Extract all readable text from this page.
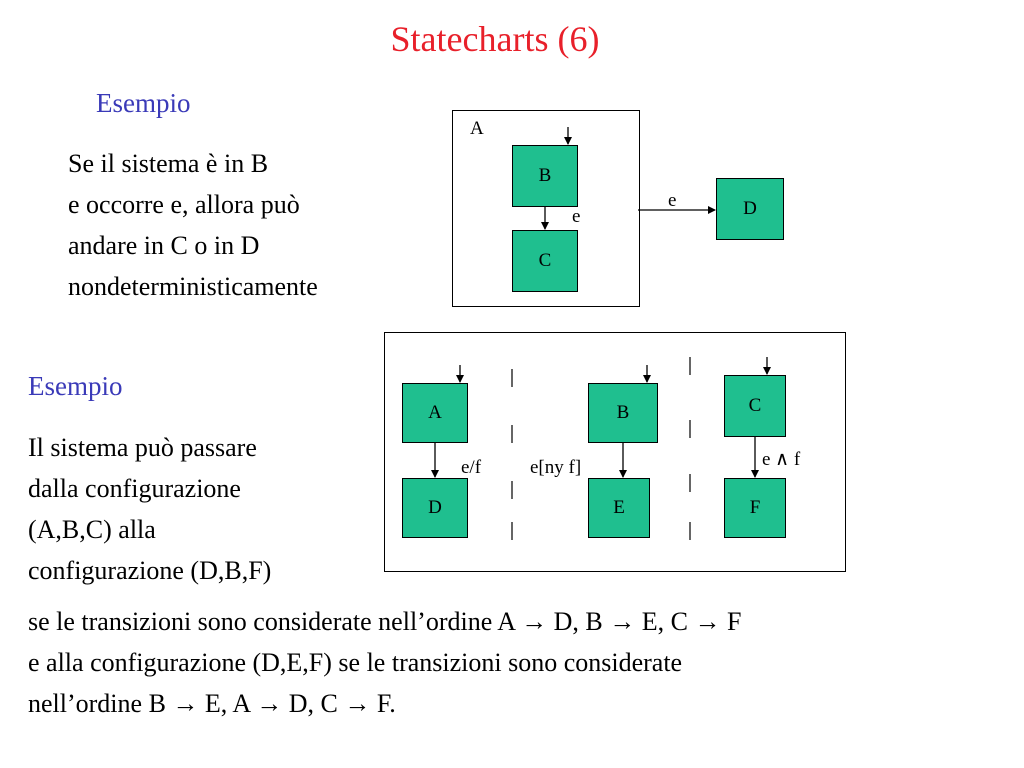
Statecharts (6)
Esempio
Se il sistema è in B
e occorre e, allora può
andare in C o in D
nondeterministicamente
A
B
C
D
e
e
Esempio
Il sistema può passare
dalla configurazione
(A,B,C) alla
configurazione (D,B,F)
A	B	C
D	E	F
e/f	e[ny f]	e ∧ f
se le transizioni sono considerate nell’ordine A → D, B → E, C → F
e alla configurazione (D,E,F) se le transizioni sono considerate
nell’ordine B → E, A → D, C → F.
